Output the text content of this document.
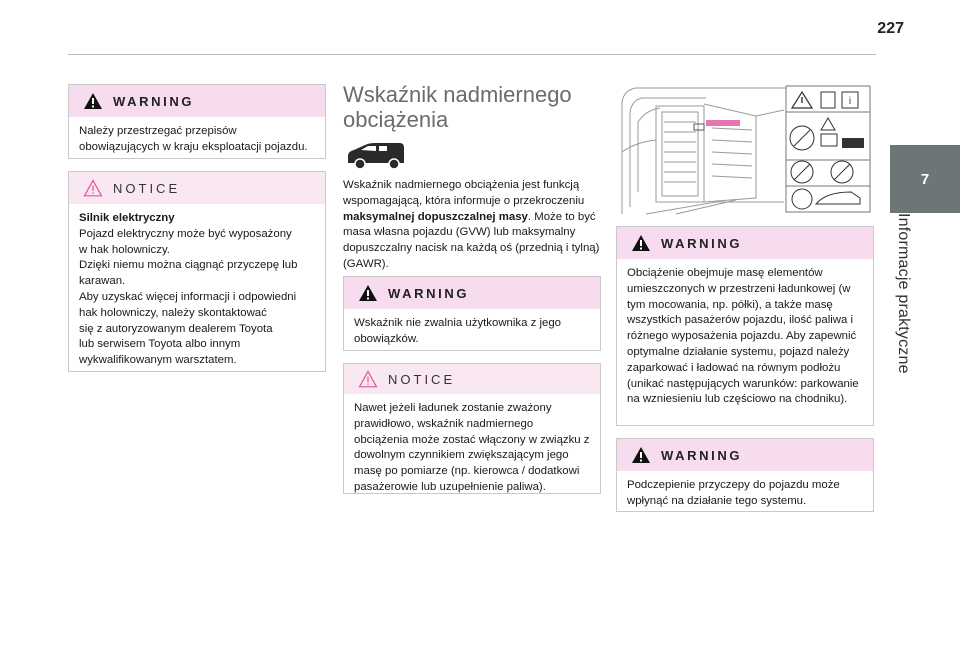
227
7
Informacje praktyczne
WARNING

Należy przestrzegać przepisów obowiązujących w kraju eksploatacji pojazdu.

NOTICE

Silnik elektryczny

Pojazd elektryczny może być wyposażony

w hak holowniczy.

Dzięki niemu można ciągnąć przyczepę lub

karawan.

Aby uzyskać więcej informacji i odpowiedni

hak holowniczy, należy skontaktować

się z autoryzowanym dealerem Toyota

lub serwisem Toyota albo innym

wykwalifikowanym warsztatem.

Wskaźnik nadmiernego
obciążenia
Wskaźnik nadmiernego obciążenia jest funkcją wspomagającą, która informuje o przekroczeniu maksymalnej dopuszczalnej masy. Może to być masa własna pojazdu (GVW) lub maksymalny dopuszczalny nacisk na każdą oś (przednią i tylną) (GAWR).
WARNING

Wskaźnik nie zwalnia użytkownika z jego obowiązków.

NOTICE

Nawet jeżeli ładunek zostanie zważony prawidłowo, wskaźnik nadmiernego obciążenia może zostać włączony w związku z dowolnym czynnikiem zwiększającym jego masę po pomiarze (np. kierowca / dodatkowi pasażerowie lub uzupełnienie paliwa).

i
WARNING

Obciążenie obejmuje masę elementów umieszczonych w przestrzeni ładunkowej (w tym mocowania, np. półki), a także masę wszystkich pasażerów pojazdu, ilość paliwa i różnego wyposażenia pojazdu. Aby zapewnić optymalne działanie systemu, pojazd należy zaparkować i ładować na równym podłożu (unikać następujących warunków: parkowanie na wzniesieniu lub częściowo na chodniku).

WARNING

Podczepienie przyczepy do pojazdu może wpłynąć na działanie tego systemu.
